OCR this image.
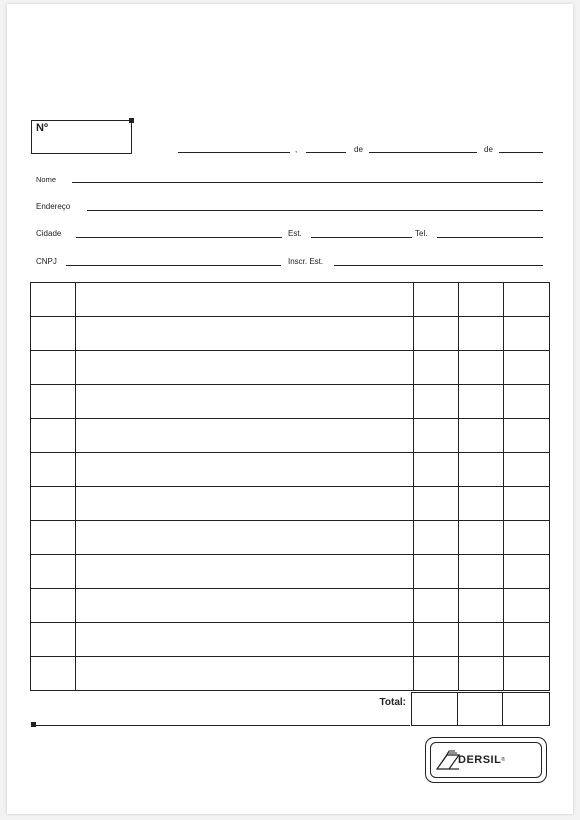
Nº
,	de	de
Nome
Endereço
Cidade	Est.	Tel.
CNPJ	Inscr. Est.

Total:

DERSIL ®
